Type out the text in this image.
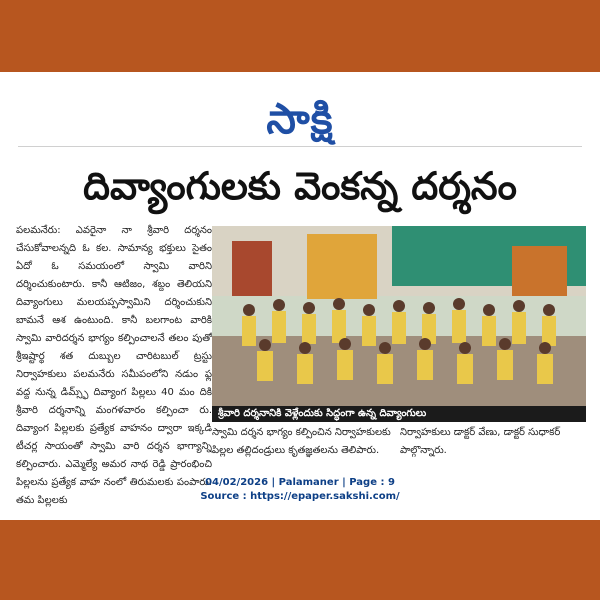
సాక్షి
దివ్యాంగులకు వెంకన్న దర్శనం
పలమనేరు: ఎవరైనా నా శ్రీవారి దర్శనం చేసుకోవాలన్నది ఓ కల. సామాన్య భక్తులు సైతం ఏదో ఓ సమయంలో స్వామి వారిని దర్శించుకుంటారు. కానీ ఆటిజం, శబ్దం తెలియని దివ్యాంగులు మలయప్పస్వామిని దర్శించుకుని బామనే ఆశ ఉంటుంది. కానీ బలగాంట వారికి స్వామి వారిదర్శన భాగ్యం కల్పించాలనే తలం పుతో శ్రీఇష్టార్థ శత దుబ్బుల చారిటబుల్ ట్రస్టు నిర్వాహకులు పలమనేరు సమీపంలోని నడుం ఫ్ల వద్ద నున్న డిమ్స్ఫ్ దివ్యాంగ పిల్లలు 40 మం దికి శ్రీవారి దర్శనాన్ని మంగళవారం కల్పించా రు. దివ్యాంగ పిల్లలకు ప్రత్యేక వాహనం ద్వారా ఇక్కడి టీచర్ల సాయంతో స్వామి వారి దర్శన భాగ్యాన్ని కల్పించారు. ఎమ్మెల్యే అమర నాథ రెడ్డి ప్రారంభించి పిల్లలను ప్రత్యేక వాహ నంలో తిరుమలకు పంపారు. తమ పిల్లలకు
శ్రీవారి దర్శనానికి వెళ్లేందుకు సిద్ధంగా ఉన్న దివ్యాంగులు
స్వామి దర్శన భాగ్యం కల్పించిన నిర్వాహకులకు పిల్లల తల్లిదండ్రులు కృతజ్ఞతలను తెలిపారు.
నిర్వాహకులు డాక్టర్ వేణు, డాక్టర్ సుధాకర్ పాల్గొన్నారు.
04/02/2026 | Palamaner | Page : 9
Source : https://epaper.sakshi.com/
